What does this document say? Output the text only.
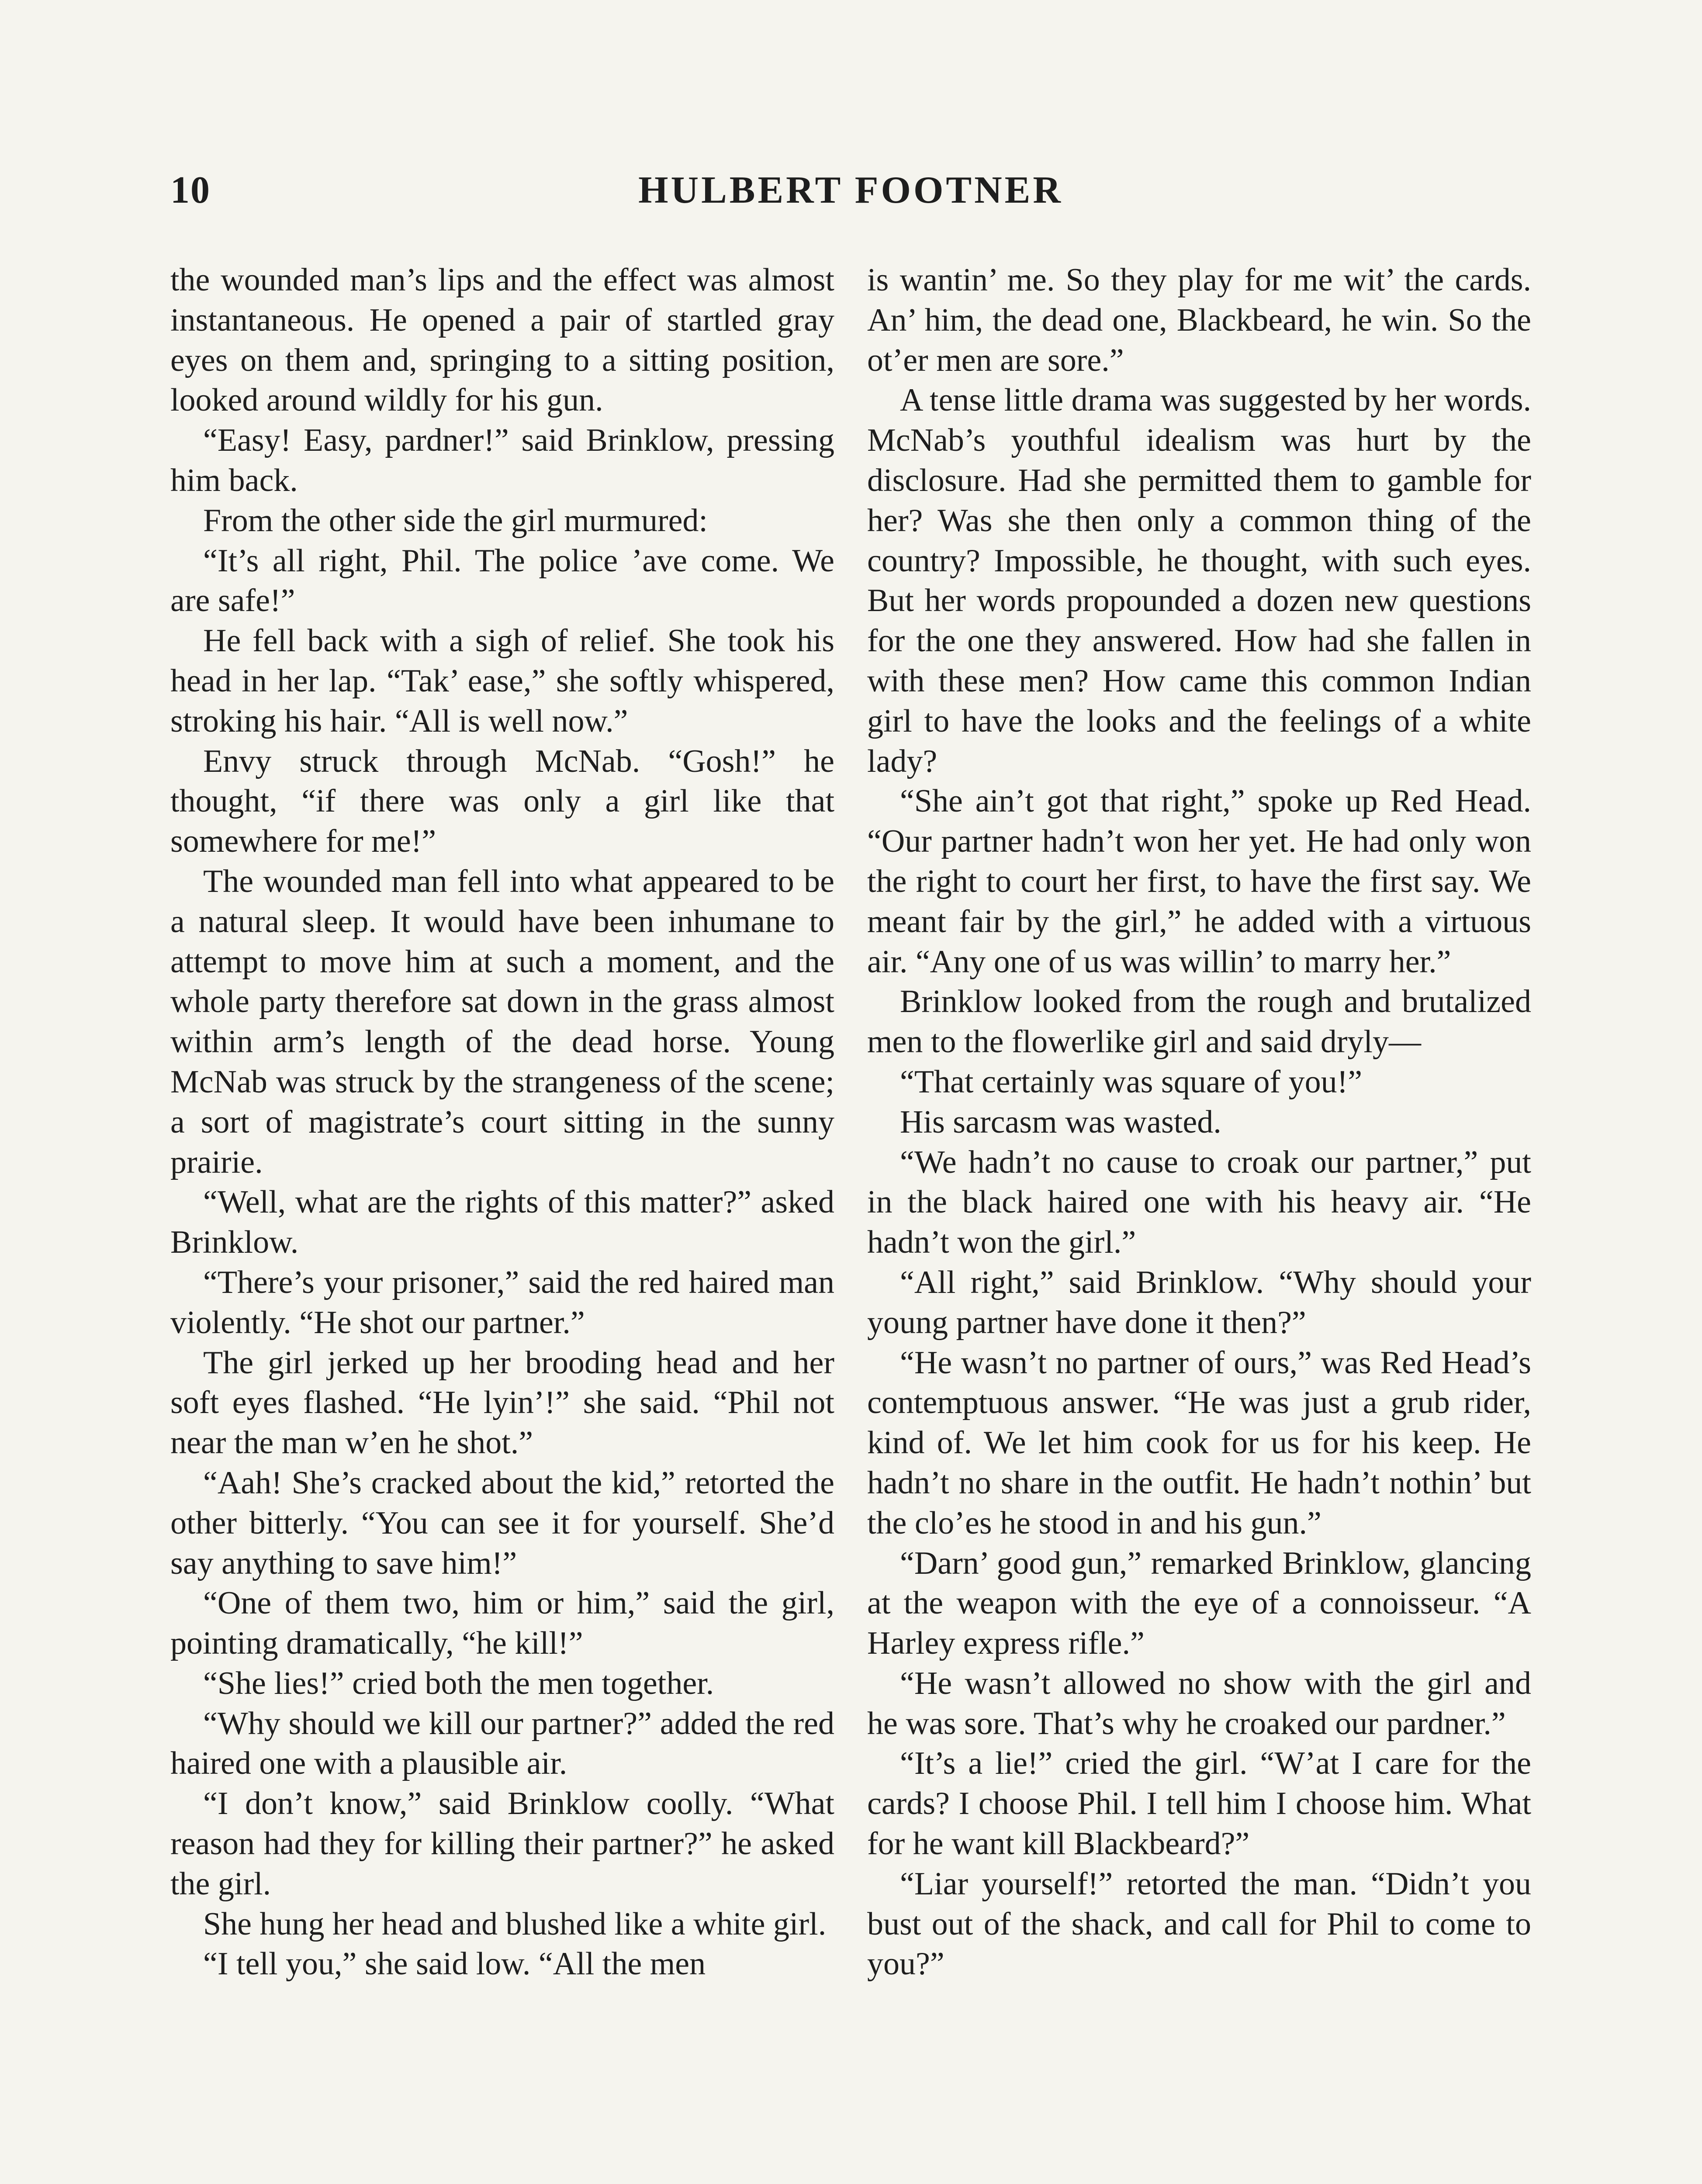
10	HULBERT FOOTNER

the wounded man’s lips and the effect was almost instantaneous. He opened a pair of startled gray eyes on them and, springing to a sitting position, looked around wildly for his gun.

“Easy! Easy, pardner!” said Brinklow, pressing him back.

From the other side the girl murmured:

“It’s all right, Phil. The police ’ave come. We are safe!”

He fell back with a sigh of relief. She took his head in her lap. “Tak’ ease,” she softly whispered, stroking his hair. “All is well now.”

Envy struck through McNab. “Gosh!” he thought, “if there was only a girl like that somewhere for me!”

The wounded man fell into what appeared to be a natural sleep. It would have been inhumane to attempt to move him at such a moment, and the whole party therefore sat down in the grass almost within arm’s length of the dead horse. Young McNab was struck by the strangeness of the scene; a sort of magistrate’s court sitting in the sunny prairie.

“Well, what are the rights of this matter?” asked Brinklow.

“There’s your prisoner,” said the red haired man violently. “He shot our partner.”

The girl jerked up her brooding head and her soft eyes flashed. “He lyin’!” she said. “Phil not near the man w’en he shot.”

“Aah! She’s cracked about the kid,” retorted the other bitterly. “You can see it for yourself. She’d say anything to save him!”

“One of them two, him or him,” said the girl, pointing dramatically, “he kill!”

“She lies!” cried both the men together.

“Why should we kill our partner?” added the red haired one with a plausible air.

“I don’t know,” said Brinklow coolly. “What reason had they for killing their partner?” he asked the girl.

She hung her head and blushed like a white girl.

“I tell you,” she said low. “All the men

is wantin’ me. So they play for me wit’ the cards. An’ him, the dead one, Blackbeard, he win. So the ot’er men are sore.”

A tense little drama was suggested by her words. McNab’s youthful idealism was hurt by the disclosure. Had she permitted them to gamble for her? Was she then only a common thing of the country? Impossible, he thought, with such eyes. But her words propounded a dozen new questions for the one they answered. How had she fallen in with these men? How came this common Indian girl to have the looks and the feelings of a white lady?

“She ain’t got that right,” spoke up Red Head. “Our partner hadn’t won her yet. He had only won the right to court her first, to have the first say. We meant fair by the girl,” he added with a virtuous air. “Any one of us was willin’ to marry her.”

Brinklow looked from the rough and brutalized men to the flowerlike girl and said dryly—

“That certainly was square of you!”

His sarcasm was wasted.

“We hadn’t no cause to croak our partner,” put in the black haired one with his heavy air. “He hadn’t won the girl.”

“All right,” said Brinklow. “Why should your young partner have done it then?”

“He wasn’t no partner of ours,” was Red Head’s contemptuous answer. “He was just a grub rider, kind of. We let him cook for us for his keep. He hadn’t no share in the outfit. He hadn’t nothin’ but the clo’es he stood in and his gun.”

“Darn’ good gun,” remarked Brinklow, glancing at the weapon with the eye of a connoisseur. “A Harley express rifle.”

“He wasn’t allowed no show with the girl and he was sore. That’s why he croaked our pardner.”

“It’s a lie!” cried the girl. “W’at I care for the cards? I choose Phil. I tell him I choose him. What for he want kill Blackbeard?”

“Liar yourself!” retorted the man. “Didn’t you bust out of the shack, and call for Phil to come to you?”
